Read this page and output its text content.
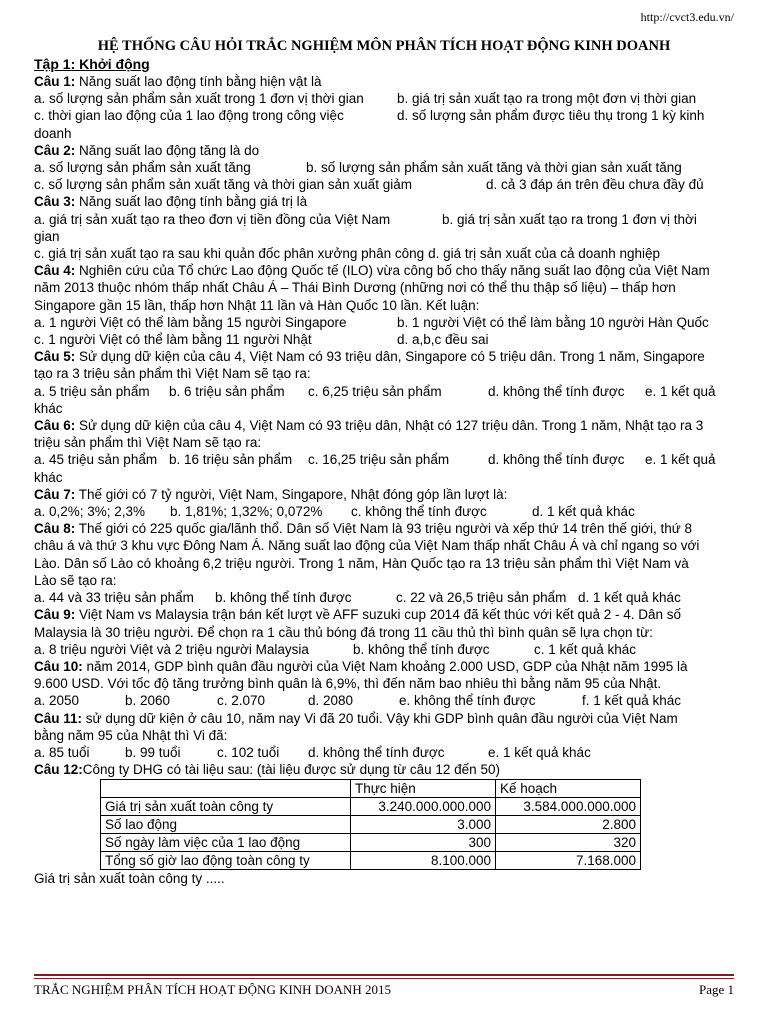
http://cvct3.edu.vn/
HỆ THỐNG CÂU HỎI TRẮC NGHIỆM MÔN PHÂN TÍCH HOẠT ĐỘNG KINH DOANH
Tập 1: Khởi động
Câu 1: Năng suất lao động tính bằng hiện vật là
a. số lượng sản phẩm sản xuất trong 1 đơn vị thời gian	b. giá trị sản xuất tạo ra trong một đơn vị thời gian
c. thời gian lao động của 1 lao động trong công việc	d. số lượng sản phẩm được tiêu thụ trong 1 kỳ kinh
doanh
Câu 2: Năng suất lao động tăng là do
a. số lượng sản phẩm sản xuất tăng	b. số lượng sản phẩm sản xuất tăng và thời gian sản xuất tăng
c. số lượng sản phẩm sản xuất tăng và thời gian sản xuất giảm	d. cả 3 đáp án trên đều chưa đầy đủ
Câu 3: Năng suất lao động tính bằng giá trị là
a. giá trị sản xuất tạo ra theo đơn vị tiền đồng của Việt Nam	b. giá trị sản xuất tạo ra trong 1 đơn vị thời
gian
c. giá trị sản xuất tạo ra sau khi quản đốc phân xưởng phân công d. giá trị sản xuất của cả doanh nghiệp
Câu 4: Nghiên cứu của Tổ chức Lao động Quốc tế (ILO) vừa công bố cho thấy năng suất lao động của Việt Nam
năm 2013 thuộc nhóm thấp nhất Châu Á – Thái Bình Dương (những nơi có thể thu thập số liệu) – thấp hơn
Singapore gần 15 lần, thấp hơn Nhật 11 lần và Hàn Quốc 10 lần. Kết luận:
a. 1 người Việt có thể làm bằng 15 người Singapore	b. 1 người Việt có thể làm bằng 10 người Hàn Quốc
c. 1 người Việt có thể làm bằng 11 người Nhật	d. a,b,c đều sai
Câu 5: Sử dụng dữ kiện của câu 4, Việt Nam có 93 triệu dân, Singapore có 5 triệu dân. Trong 1 năm, Singapore
tạo ra 3 triệu sản phẩm thì Việt Nam sẽ tạo ra:
a. 5 triệu sản phẩm	b. 6 triệu sản phẩm	c. 6,25 triệu sản phẩm	d. không thể tính được	e. 1 kết quả
khác
Câu 6: Sử dụng dữ kiện của câu 4, Việt Nam có 93 triệu dân, Nhật có 127 triệu dân. Trong 1 năm, Nhật tạo ra 3
triệu sản phẩm thì Việt Nam sẽ tạo ra:
a. 45 triệu sản phẩm b. 16 triệu sản phẩm	c. 16,25 triệu sản phẩm	d. không thể tính được	e. 1 kết quả
khác
Câu 7: Thế giới có 7 tỷ người, Việt Nam, Singapore, Nhật đóng góp lần lượt là:
a. 0,2%; 3%; 2,3%	b. 1,81%; 1,32%; 0,072%	c. không thể tính được	d. 1 kết quả khác
Câu 8: Thế giới có 225 quốc gia/lãnh thổ. Dân số Việt Nam là 93 triệu người và xếp thứ 14 trên thế giới, thứ 8
châu á và thứ 3 khu vực Đông Nam Á. Năng suất lao động của Việt Nam thấp nhất Châu Á và chỉ ngang so với
Lào. Dân số Lào có khoảng 6,2 triệu người. Trong 1 năm, Hàn Quốc tạo ra 13 triệu sản phẩm thì Việt Nam và
Lào sẽ tạo ra:
a. 44 và 33 triệu sản phẩm	b. không thể tính được	c. 22 và 26,5 triệu sản phẩm d. 1 kết quả khác
Câu 9: Việt Nam vs Malaysia trận bán kết lượt về AFF suzuki cup 2014 đã kết thúc với kết quả 2 - 4. Dân số
Malaysia là 30 triệu người. Để chọn ra 1 cầu thủ bóng đá trong 11 cầu thủ thì bình quân sẽ lựa chọn từ:
a. 8 triệu người Việt và 2 triệu người Malaysia	b. không thể tính được	c. 1 kết quả khác
Câu 10: năm 2014, GDP bình quân đầu người của Việt Nam khoảng 2.000 USD, GDP của Nhật năm 1995 là
9.600 USD. Với tốc độ tăng trưởng bình quân là 6,9%, thì đến năm bao nhiêu thì bằng năm 95 của Nhật.
a. 2050	b. 2060	c. 2.070	d. 2080	e. không thể tính được	f. 1 kết quả khác
Câu 11: sử dụng dữ kiện ở câu 10, năm nay Vi đã 20 tuổi. Vậy khi GDP bình quân đầu người của Việt Nam
bằng năm 95 của Nhật thì Vi đã:
a. 85 tuổi	b. 99 tuổi	c. 102 tuổi	d. không thể tính được	e. 1 kết quả khác
Câu 12:Công ty DHG có tài liệu sau: (tài liệu được sử dụng từ câu 12 đến 50)
	Thực hiện	Kế hoạch
Giá trị sản xuất toàn công ty	3.240.000.000.000	3.584.000.000.000
Số lao động	3.000	2.800
Số ngày làm việc của 1 lao động	300	320
Tổng số giờ lao động toàn công ty	8.100.000	7.168.000
Giá trị sản xuất toàn công ty .....
TRẮC NGHIỆM PHÂN TÍCH HOẠT ĐỘNG KINH DOANH 2015	Page 1
